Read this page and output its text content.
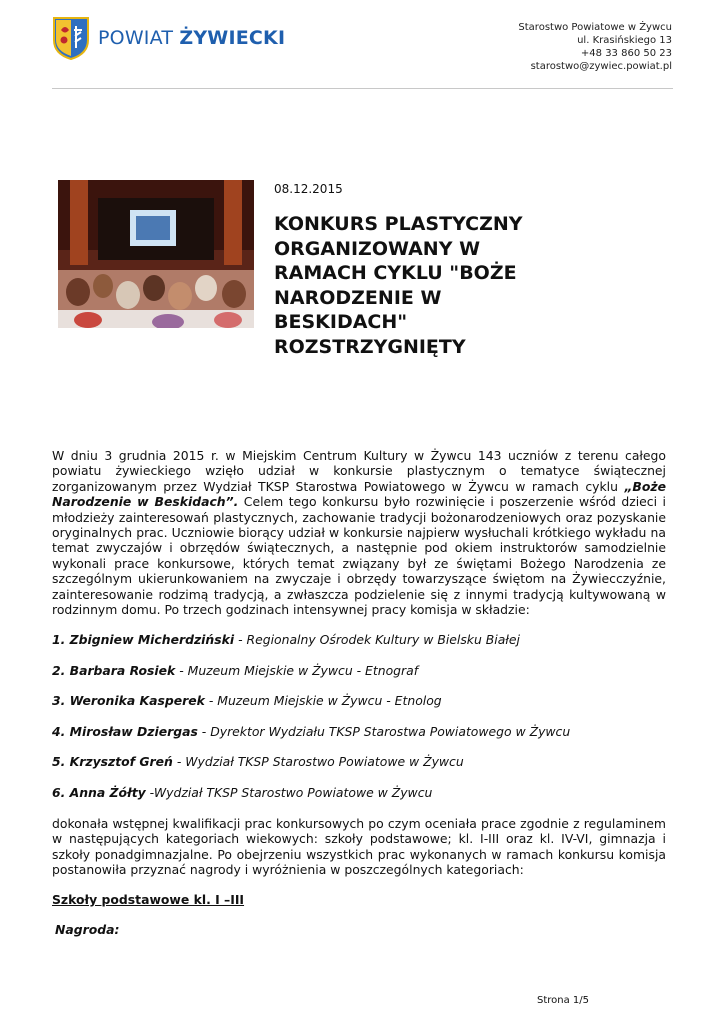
POWIAT ŻYWIECKI	Starostwo Powiatowe w Żywcu
ul. Krasińskiego 13
+48 33 860 50 23
starostwo@zywiec.powiat.pl
08.12.2015
KONKURS PLASTYCZNY ORGANIZOWANY W RAMACH CYKLU "BOŻE NARODZENIE W BESKIDACH" ROZSTRZYGNIĘTY

W dniu 3 grudnia 2015 r. w Miejskim Centrum Kultury w Żywcu 143 uczniów z terenu całego powiatu żywieckiego wzięło udział w konkursie plastycznym o tematyce świątecznej zorganizowanym przez Wydział TKSP Starostwa Powiatowego w Żywcu w ramach cyklu „Boże Narodzenie w Beskidach”. Celem tego konkursu było rozwinięcie i poszerzenie wśród dzieci i młodzieży zainteresowań plastycznych, zachowanie tradycji bożonarodzeniowych oraz pozyskanie oryginalnych prac. Uczniowie biorący udział w konkursie najpierw wysłuchali krótkiego wykładu na temat zwyczajów i obrzędów świątecznych, a następnie pod okiem instruktorów samodzielnie wykonali prace konkursowe, których temat związany był ze świętami Bożego Narodzenia ze szczególnym ukierunkowaniem na zwyczaje i obrzędy towarzyszące świętom na Żywiecczyźnie, zainteresowanie rodzimą tradycją, a zwłaszcza podzielenie się z innymi tradycją kultywowaną w rodzinnym domu. Po trzech godzinach intensywnej pracy komisja w składzie:

1. Zbigniew Micherdziński - Regionalny Ośrodek Kultury w Bielsku Białej

2. Barbara Rosiek - Muzeum Miejskie w Żywcu - Etnograf

3. Weronika Kasperek - Muzeum Miejskie w Żywcu - Etnolog

4. Mirosław Dziergas - Dyrektor Wydziału TKSP Starostwa Powiatowego w Żywcu

5. Krzysztof Greń - Wydział TKSP Starostwo Powiatowe w Żywcu

6. Anna Żółty -Wydział TKSP Starostwo Powiatowe w Żywcu

dokonała wstępnej kwalifikacji prac konkursowych po czym oceniała prace zgodnie z regulaminem w następujących kategoriach wiekowych: szkoły podstawowe; kl. I-III oraz kl. IV-VI, gimnazja i szkoły ponadgimnazjalne. Po obejrzeniu wszystkich prac wykonanych w ramach konkursu komisja postanowiła przyznać nagrody i wyróżnienia w poszczególnych kategoriach:

Szkoły podstawowe kl. I –III

Nagroda:

Strona 1/5
